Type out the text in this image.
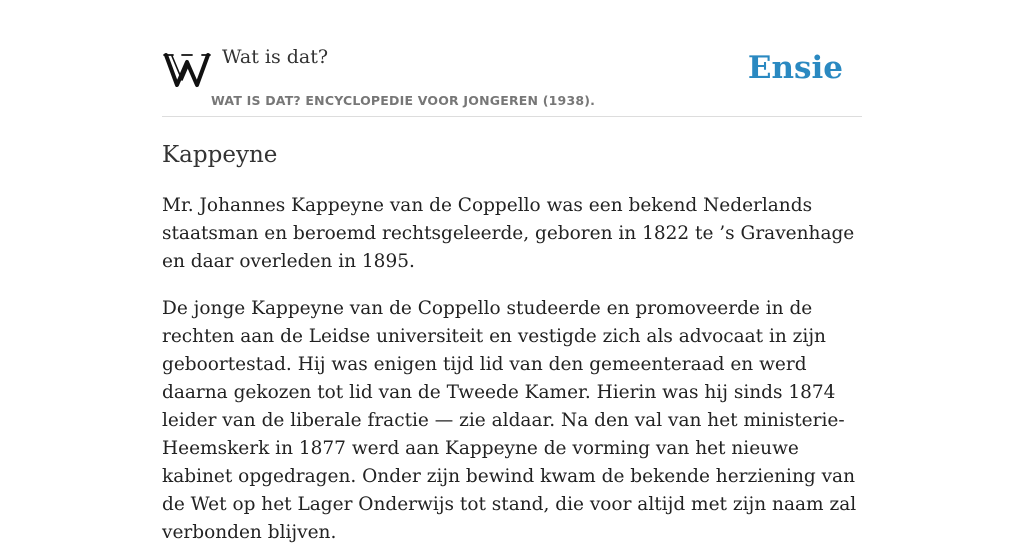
Wat is dat?
WAT IS DAT? ENCYCLOPEDIE VOOR JONGEREN (1938).
Ensie
Kappeyne

Mr. Johannes Kappeyne van de Coppello was een bekend Nederlands staatsman en beroemd rechtsgeleerde, geboren in 1822 te ’s Gravenhage en daar overleden in 1895.

De jonge Kappeyne van de Coppello studeerde en promoveerde in de rechten aan de Leidse universiteit en vestigde zich als advocaat in zijn geboortestad. Hij was enigen tijd lid van den gemeenteraad en werd daarna gekozen tot lid van de Tweede Kamer. Hierin was hij sinds 1874 leider van de liberale fractie — zie aldaar. Na den val van het ministerie-Heemskerk in 1877 werd aan Kappeyne de vorming van het nieuwe kabinet opgedragen. Onder zijn bewind kwam de bekende herziening van de Wet op het Lager Onderwijs tot stand, die voor altijd met zijn naam zal verbonden blijven.
